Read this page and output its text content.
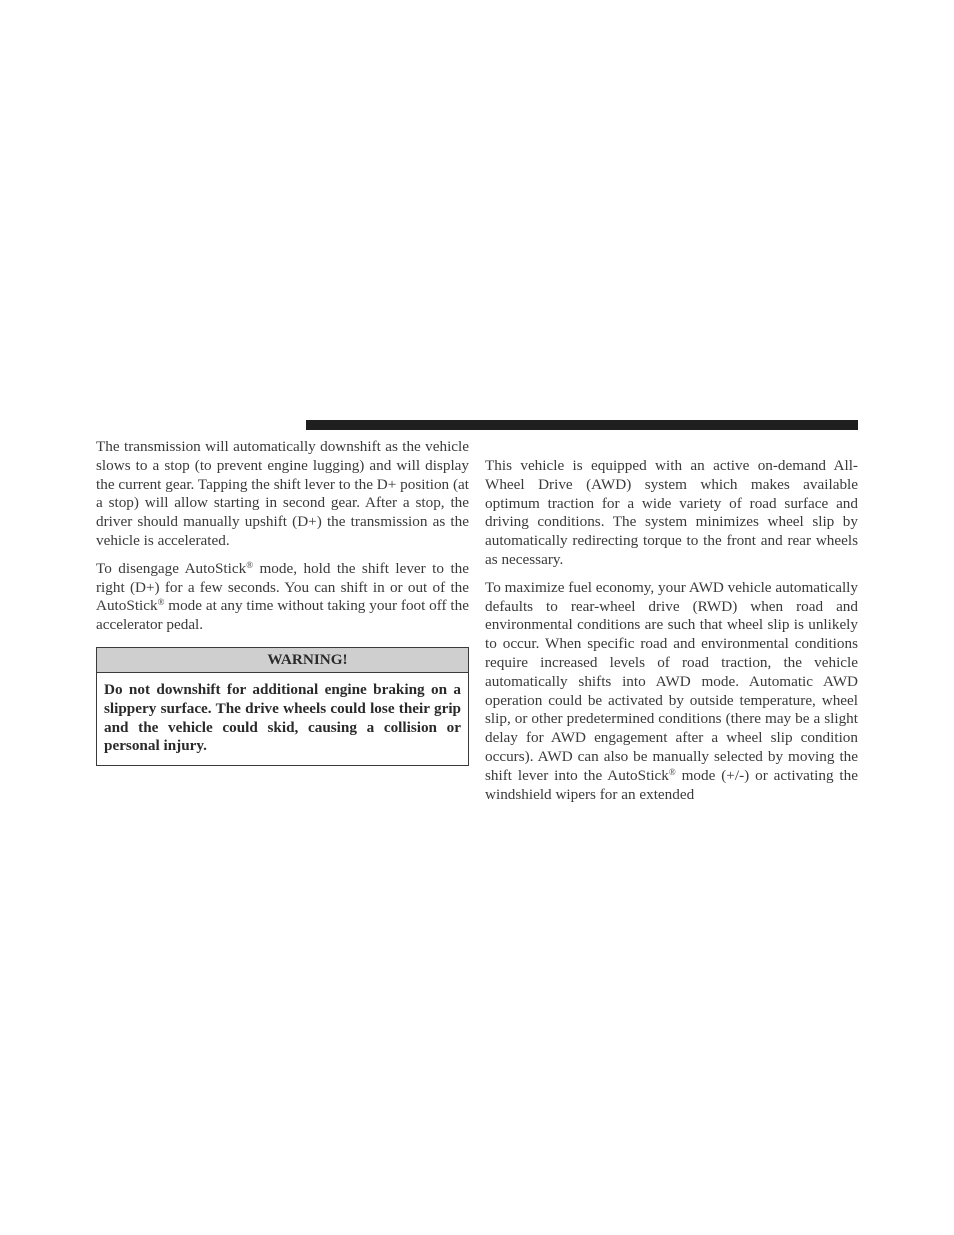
The transmission will automatically downshift as the vehicle slows to a stop (to prevent engine lugging) and will display the current gear. Tapping the shift lever to the D+ position (at a stop) will allow starting in second gear. After a stop, the driver should manually upshift (D+) the transmission as the vehicle is accelerated.

To disengage AutoStick® mode, hold the shift lever to the right (D+) for a few seconds. You can shift in or out of the AutoStick® mode at any time without taking your foot off the accelerator pedal.

WARNING!
Do not downshift for additional engine braking on a slippery surface. The drive wheels could lose their grip and the vehicle could skid, causing a collision or personal injury.

This vehicle is equipped with an active on-demand All-Wheel Drive (AWD) system which makes available optimum traction for a wide variety of road surface and driving conditions. The system minimizes wheel slip by automatically redirecting torque to the front and rear wheels as necessary.

To maximize fuel economy, your AWD vehicle automatically defaults to rear-wheel drive (RWD) when road and environmental conditions are such that wheel slip is unlikely to occur. When specific road and environmental conditions require increased levels of road traction, the vehicle automatically shifts into AWD mode. Automatic AWD operation could be activated by outside temperature, wheel slip, or other predetermined conditions (there may be a slight delay for AWD engagement after a wheel slip condition occurs). AWD can also be manually selected by moving the shift lever into the AutoStick® mode (+/-) or activating the windshield wipers for an extended
